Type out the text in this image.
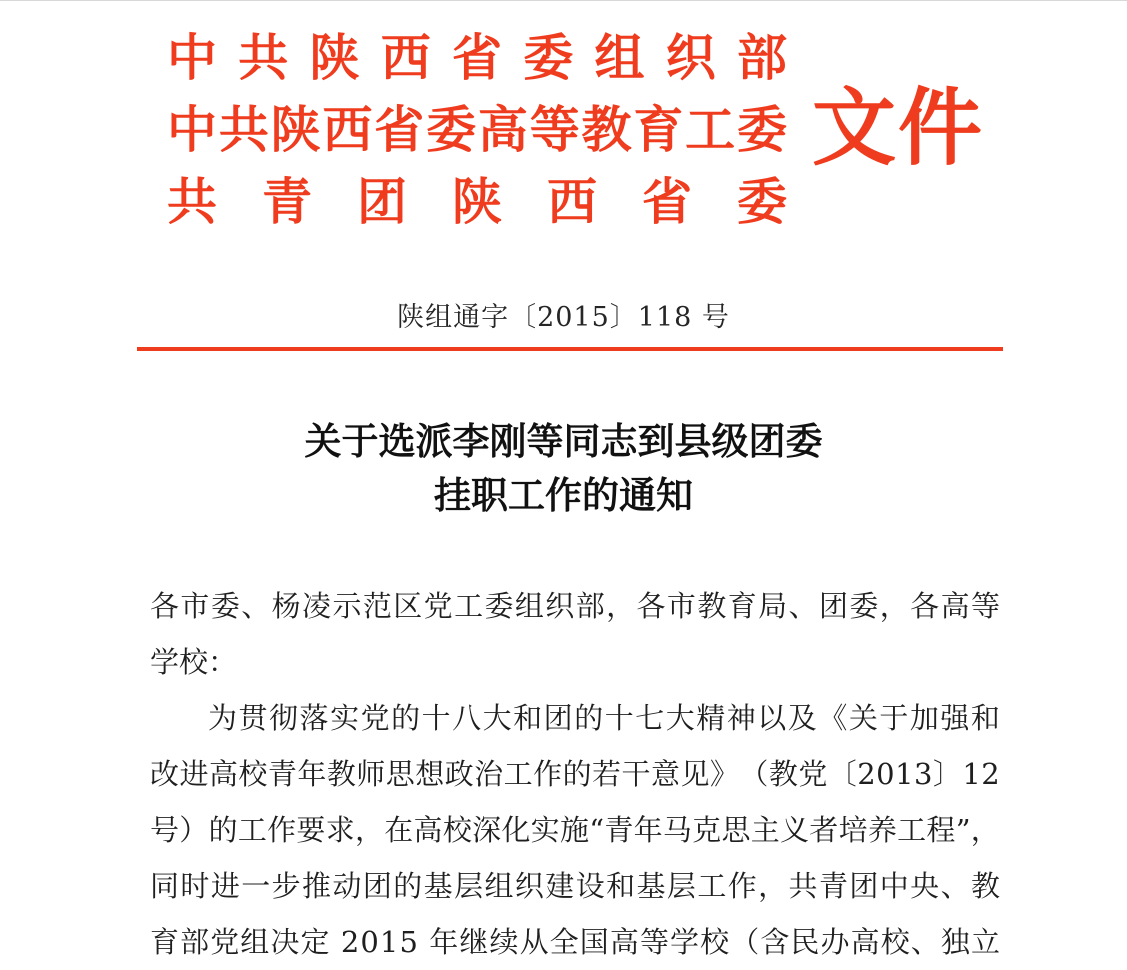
中 共 陕 西 省 委 组 织 部
中 共 陕 西 省 委 高 等 教 育 工 委
共 青 团 陕 西 省 委
文件
陕组通字〔2015〕118 号
关于选派李刚等同志到县级团委
挂职工作的通知
各 市 委 、 杨 凌 示 范 区 党 工 委 组 织 部 ， 各 市 教 育 局 、 团 委 ， 各 高 等
学校：
为 贯 彻 落 实 党 的 十 八 大 和 团 的 十 七 大 精 神 以 及 《 关 于 加 强 和
改 进 高 校 青 年 教 师 思 想 政 治 工 作 的 若 干 意 见 》 （ 教 党 〔 2 0 1 3 〕 1 2
号 ） 的 工 作 要 求 ， 在 高 校 深 化 实 施 “ 青 年 马 克 思 主 义 者 培 养 工 程 ” ，
同 时 进 一 步 推 动 团 的 基 层 组 织 建 设 和 基 层 工 作 ， 共 青 团 中 央 、 教
育 部 党 组 决 定
2 0 1 5
年 继 续 从 全 国 高 等 学 校 （ 含 民 办 高 校 、 独 立
